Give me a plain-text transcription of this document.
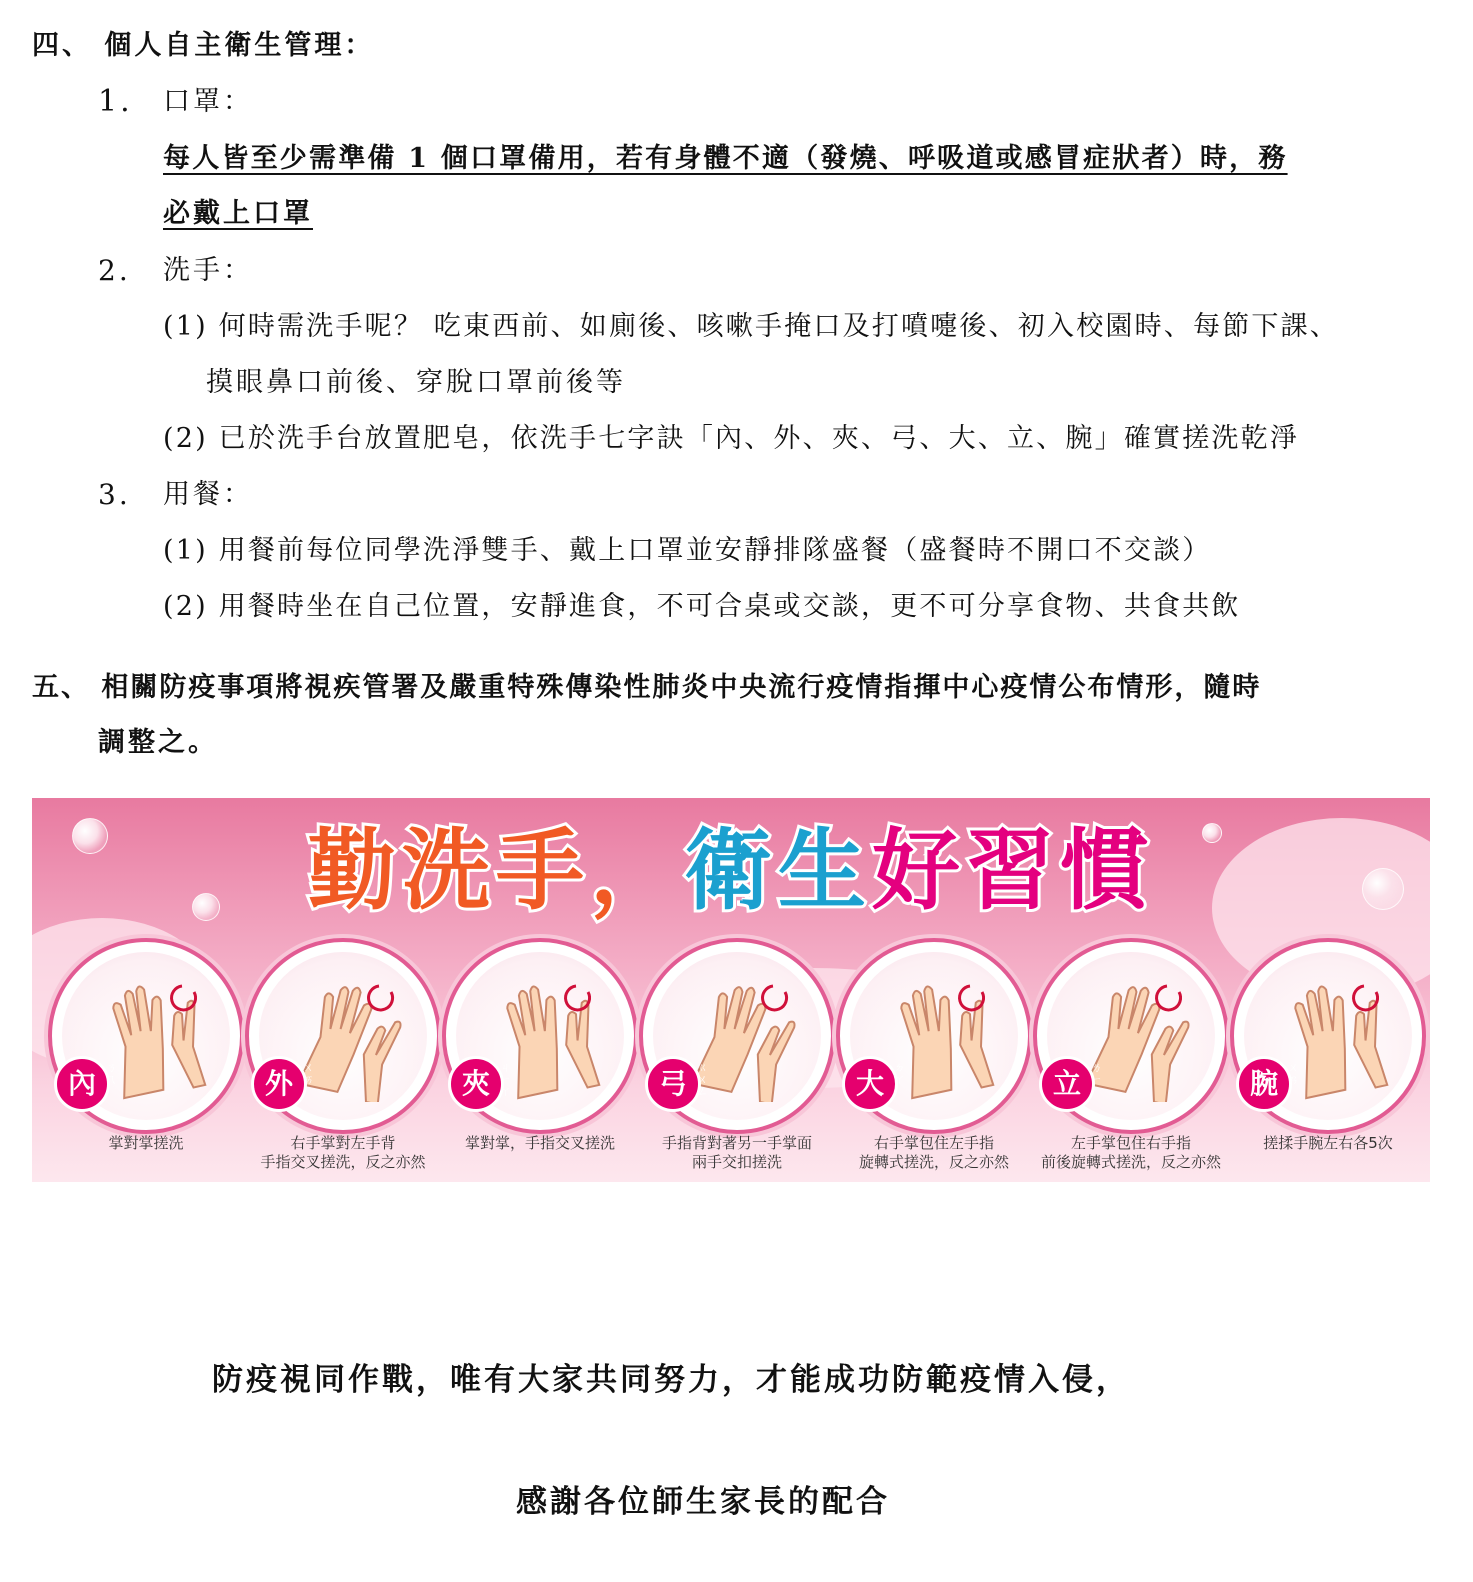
四、 個人自主衛生管理：
1. 口罩：
每人皆至少需準備 1 個口罩備用，若有身體不適（發燒、呼吸道或感冒症狀者）時，務
必戴上口罩
2. 洗手：
(1) 何時需洗手呢？ 吃東西前、如廁後、咳嗽手掩口及打噴嚏後、初入校園時、每節下課、
摸眼鼻口前後、穿脫口罩前後等
(2) 已於洗手台放置肥皂，依洗手七字訣「內、外、夾、弓、大、立、腕」確實搓洗乾淨
3. 用餐：
(1) 用餐前每位同學洗淨雙手、戴上口罩並安靜排隊盛餐（盛餐時不開口不交談）
(2) 用餐時坐在自己位置，安靜進食，不可合桌或交談，更不可分享食物、共食共飲
五、 相關防疫事項將視疾管署及嚴重特殊傳染性肺炎中央流行疫情指揮中心疫情公布情形，隨時
調整之。
勤洗手，衛生好習慣
內 ㄋㄟ
掌對掌搓洗
外 ㄨㄞ
右手掌對左手背
手指交叉搓洗，反之亦然
夾 ㄐㄧㄚ
掌對掌，手指交叉搓洗
弓 ㄍㄨㄥ
手指背對著另一手掌面
兩手交扣搓洗
大 ㄉㄚ
右手掌包住左手指
旋轉式搓洗，反之亦然
立 ㄌㄧ
左手掌包住右手指
前後旋轉式搓洗，反之亦然
腕 ㄨㄢ
搓揉手腕左右各5次
防疫視同作戰，唯有大家共同努力，才能成功防範疫情入侵，
感謝各位師生家長的配合
